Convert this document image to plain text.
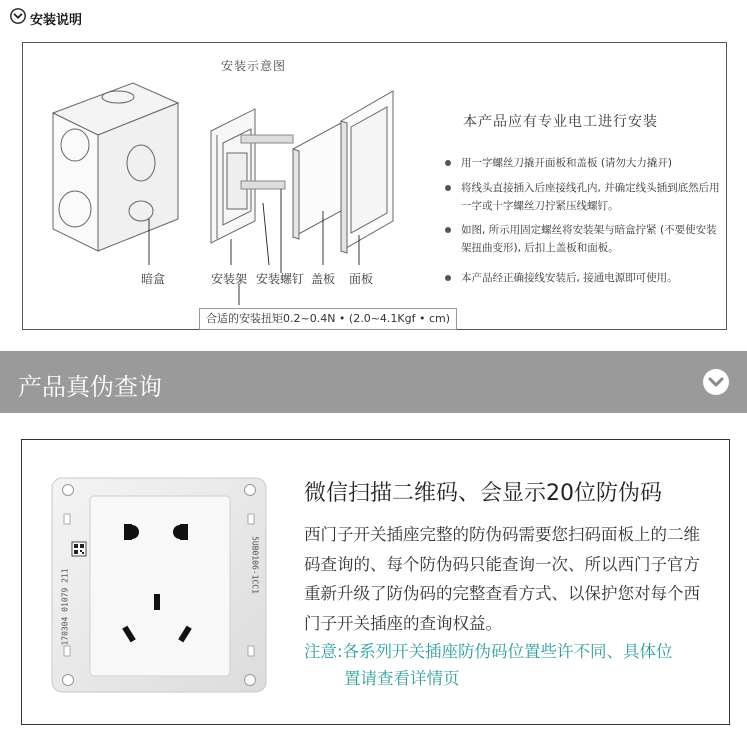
安装说明
安装示意图
暗盒	安装架 安装螺钉 盖板 面板
合适的安装扭矩0.2~0.4N • (2.0~4.1Kgf • cm)
本产品应有专业电工进行安装
用一字螺丝刀撬开面板和盖板 (请勿大力撬开)
将线头直接插入后座接线孔内, 并确定线头插到底然后用一字或十字螺丝刀拧紧压线螺钉。
如图, 所示用固定螺丝将安装架与暗盒拧紧 (不要使安装架扭曲变形), 后扣上盖板和面板。
本产品经正确接线安装后, 接通电源即可使用。
产品真伪查询
170304 01079 211
5UB0106-1CC1
微信扫描二维码、会显示20位防伪码
西门子开关插座完整的防伪码需要您扫码面板上的二维码查询的、每个防伪码只能查询一次、所以西门子官方重新升级了防伪码的完整查看方式、以保护您对每个西门子开关插座的查询权益。
注意:各系列开关插座防伪码位置些许不同、具体位
置请查看详情页
